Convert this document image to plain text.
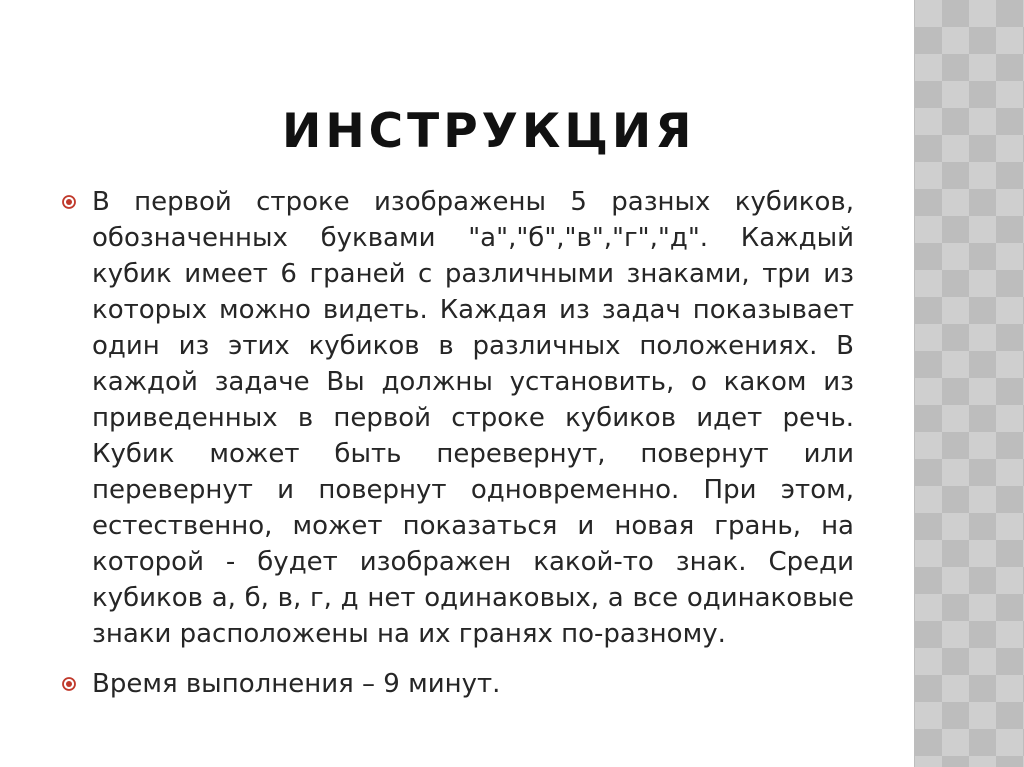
ИНСТРУКЦИЯ
В первой строке изображены 5 разных кубиков, обозначенных буквами "а","б","в","г","д". Каждый кубик имеет 6 граней с различными знаками, три из которых можно видеть. Каждая из задач показывает один из этих кубиков в различных положениях. В каждой задаче Вы должны установить, о каком из приведенных в первой строке кубиков идет речь. Кубик может быть перевернут, повернут или перевернут и повернут одновременно. При этом, естественно, может показаться и новая грань, на которой - будет изображен какой-то знак. Среди кубиков а, б, в, г, д нет одинаковых, а все одинаковые знаки расположены на их гранях по-разному.
Время выполнения – 9 минут.
